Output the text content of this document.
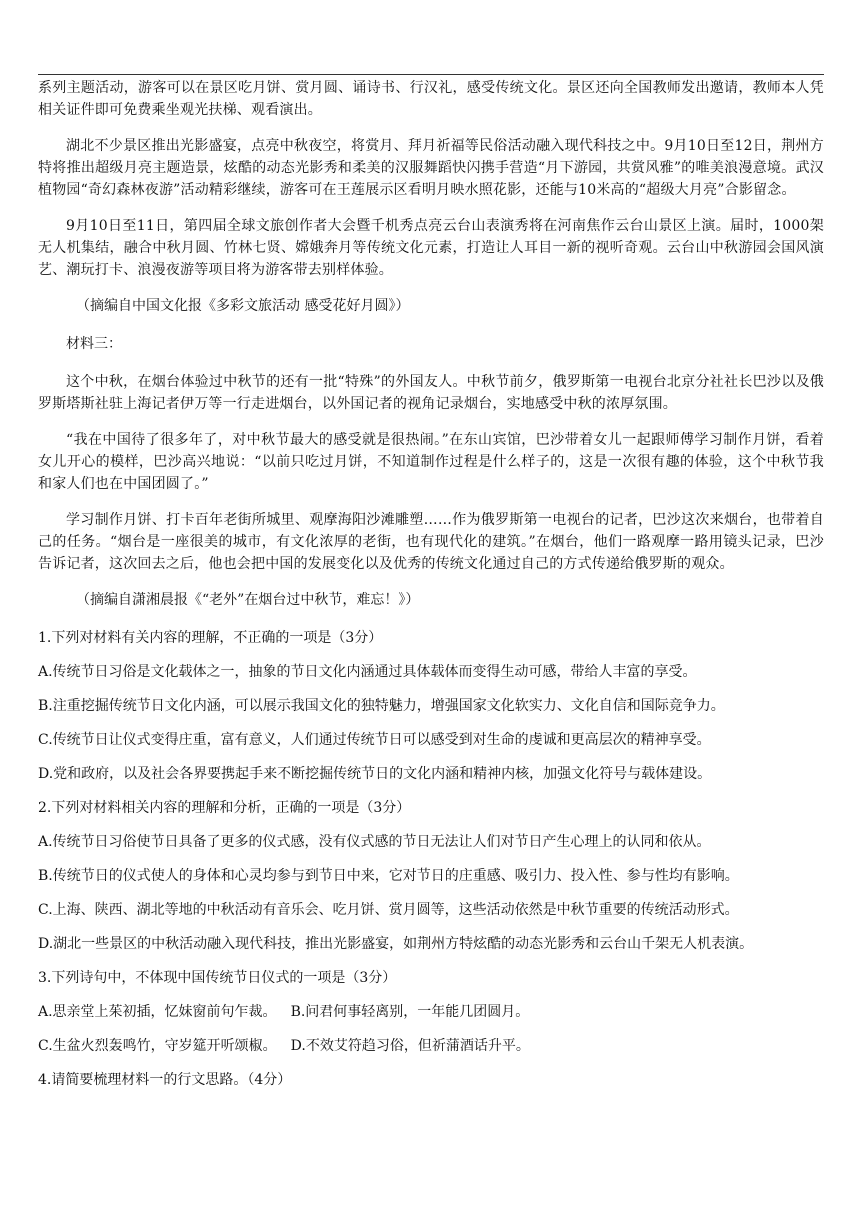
系列主题活动，游客可以在景区吃月饼、赏月圆、诵诗书、行汉礼，感受传统文化。景区还向全国教师发出邀请，教师本人凭相关证件即可免费乘坐观光扶梯、观看演出。

湖北不少景区推出光影盛宴，点亮中秋夜空，将赏月、拜月祈福等民俗活动融入现代科技之中。9月10日至12日，荆州方特将推出超级月亮主题造景，炫酷的动态光影秀和柔美的汉服舞蹈快闪携手营造“月下游园，共赏风雅”的唯美浪漫意境。武汉植物园“奇幻森林夜游”活动精彩继续，游客可在王莲展示区看明月映水照花影，还能与10米高的“超级大月亮”合影留念。

9月10日至11日，第四届全球文旅创作者大会暨千机秀点亮云台山表演秀将在河南焦作云台山景区上演。届时，1000架无人机集结，融合中秋月圆、竹林七贤、嫦娥奔月等传统文化元素，打造让人耳目一新的视听奇观。云台山中秋游园会国风演艺、潮玩打卡、浪漫夜游等项目将为游客带去别样体验。

（摘编自中国文化报《多彩文旅活动 感受花好月圆》）
材料三：

这个中秋，在烟台体验过中秋节的还有一批“特殊”的外国友人。中秋节前夕，俄罗斯第一电视台北京分社社长巴沙以及俄罗斯塔斯社驻上海记者伊万等一行走进烟台，以外国记者的视角记录烟台，实地感受中秋的浓厚氛围。

“我在中国待了很多年了，对中秋节最大的感受就是很热闹。”在东山宾馆，巴沙带着女儿一起跟师傅学习制作月饼，看着女儿开心的模样，巴沙高兴地说：“以前只吃过月饼，不知道制作过程是什么样子的，这是一次很有趣的体验，这个中秋节我和家人们也在中国团圆了。”

学习制作月饼、打卡百年老街所城里、观摩海阳沙滩雕塑……作为俄罗斯第一电视台的记者，巴沙这次来烟台，也带着自己的任务。“烟台是一座很美的城市，有文化浓厚的老街，也有现代化的建筑。”在烟台，他们一路观摩一路用镜头记录，巴沙告诉记者，这次回去之后，他也会把中国的发展变化以及优秀的传统文化通过自己的方式传递给俄罗斯的观众。

（摘编自潇湘晨报《“老外”在烟台过中秋节，难忘！》）
1.下列对材料有关内容的理解，不正确的一项是（3分）
A.传统节日习俗是文化载体之一，抽象的节日文化内涵通过具体载体而变得生动可感，带给人丰富的享受。
B.注重挖掘传统节日文化内涵，可以展示我国文化的独特魅力，增强国家文化软实力、文化自信和国际竞争力。
C.传统节日让仪式变得庄重，富有意义，人们通过传统节日可以感受到对生命的虔诚和更高层次的精神享受。
D.党和政府，以及社会各界要携起手来不断挖掘传统节日的文化内涵和精神内核，加强文化符号与载体建设。
2.下列对材料相关内容的理解和分析，正确的一项是（3分）
A.传统节日习俗使节日具备了更多的仪式感，没有仪式感的节日无法让人们对节日产生心理上的认同和依从。
B.传统节日的仪式使人的身体和心灵均参与到节日中来，它对节日的庄重感、吸引力、投入性、参与性均有影响。
C.上海、陕西、湖北等地的中秋活动有音乐会、吃月饼、赏月圆等，这些活动依然是中秋节重要的传统活动形式。
D.湖北一些景区的中秋活动融入现代科技，推出光影盛宴，如荆州方特炫酷的动态光影秀和云台山千架无人机表演。
3.下列诗句中，不体现中国传统节日仪式的一项是（3分）
A.思亲堂上茱初插，忆妹窗前句乍裁。 B.问君何事轻离别，一年能几团圆月。
C.生盆火烈轰鸣竹，守岁筵开听颂椒。 D.不效艾符趋习俗，但祈蒲酒话升平。
4.请简要梳理材料一的行文思路。（4分）
